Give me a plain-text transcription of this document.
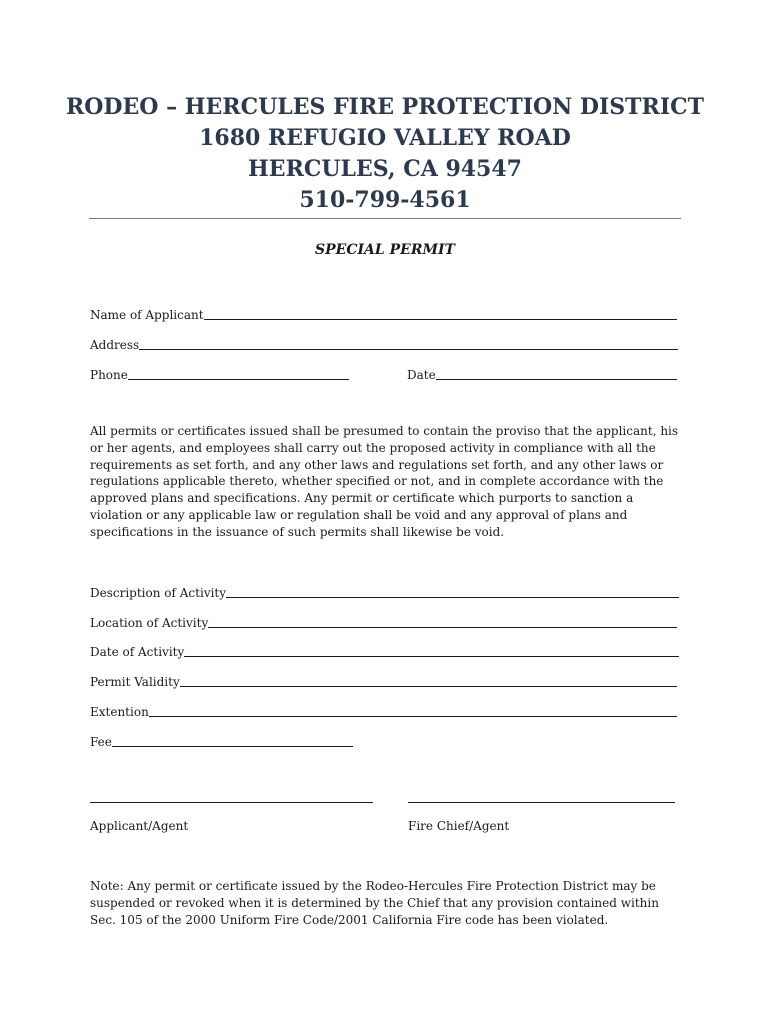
RODEO – HERCULES FIRE PROTECTION DISTRICT
1680 REFUGIO VALLEY ROAD
HERCULES, CA 94547
510-799-4561
SPECIAL PERMIT
Name of Applicant
Address
Phone	Date
All permits or certificates issued shall be presumed to contain the proviso that the applicant, his or her agents, and employees shall carry out the proposed activity in compliance with all the requirements as set forth, and any other laws and regulations set forth, and any other laws or regulations applicable thereto, whether specified or not, and in complete accordance with the approved plans and specifications. Any permit or certificate which purports to sanction a violation or any applicable law or regulation shall be void and any approval of plans and specifications in the issuance of such permits shall likewise be void.
Description of Activity
Location of Activity
Date of Activity
Permit Validity
Extention
Fee
Applicant/Agent	Fire Chief/Agent
Note: Any permit or certificate issued by the Rodeo-Hercules Fire Protection District may be suspended or revoked when it is determined by the Chief that any provision contained within Sec. 105 of the 2000 Uniform Fire Code/2001 California Fire code has been violated.
